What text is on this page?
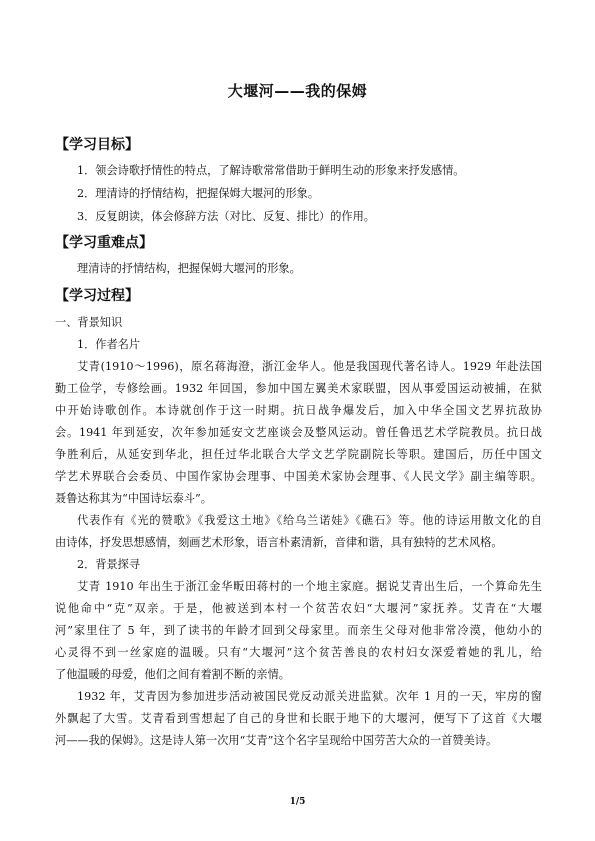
大堰河——我的保姆
【学习目标】
1．领会诗歌抒情性的特点，了解诗歌常常借助于鲜明生动的形象来抒发感情。
2．理清诗的抒情结构，把握保姆大堰河的形象。
3．反复朗读，体会修辞方法（对比、反复、排比）的作用。
【学习重难点】
理清诗的抒情结构，把握保姆大堰河的形象。
【学习过程】
一、背景知识
1．作者名片
艾青(1910～1996)，原名蒋海澄，浙江金华人。他是我国现代著名诗人。1929 年赴法国
勤工俭学，专修绘画。1932 年回国，参加中国左翼美术家联盟，因从事爱国运动被捕，在狱
中开始诗歌创作。本诗就创作于这一时期。抗日战争爆发后，加入中华全国文艺界抗敌协
会。1941 年到延安，次年参加延安文艺座谈会及整风运动。曾任鲁迅艺术学院教员。抗日战
争胜利后，从延安到华北，担任过华北联合大学文艺学院副院长等职。建国后，历任中国文
学艺术界联合会委员、中国作家协会理事、中国美术家协会理事、《人民文学》副主编等职。
聂鲁达称其为“中国诗坛泰斗”。
代表作有《光的赞歌》《我爱这土地》《给乌兰诺娃》《礁石》等。他的诗运用散文化的自
由诗体，抒发思想感情，刻画艺术形象，语言朴素清新，音律和谐，具有独特的艺术风格。
2．背景探寻
艾青 1910 年出生于浙江金华畈田蒋村的一个地主家庭。据说艾青出生后，一个算命先生
说他命中“克”双亲。于是，他被送到本村一个贫苦农妇“大堰河”家抚养。艾青在“大堰
河”家里住了 5 年，到了读书的年龄才回到父母家里。而亲生父母对他非常冷漠，他幼小的
心灵得不到一丝家庭的温暖。只有“大堰河”这个贫苦善良的农村妇女深爱着她的乳儿，给
了他温暖的母爱，他们之间有着割不断的亲情。
1932 年，艾青因为参加进步活动被国民党反动派关进监狱。次年 1 月的一天，牢房的窗
外飘起了大雪。艾青看到雪想起了自己的身世和长眠于地下的大堰河，便写下了这首《大堰
河——我的保姆》。这是诗人第一次用“艾青”这个名字呈现给中国劳苦大众的一首赞美诗。
1/5
